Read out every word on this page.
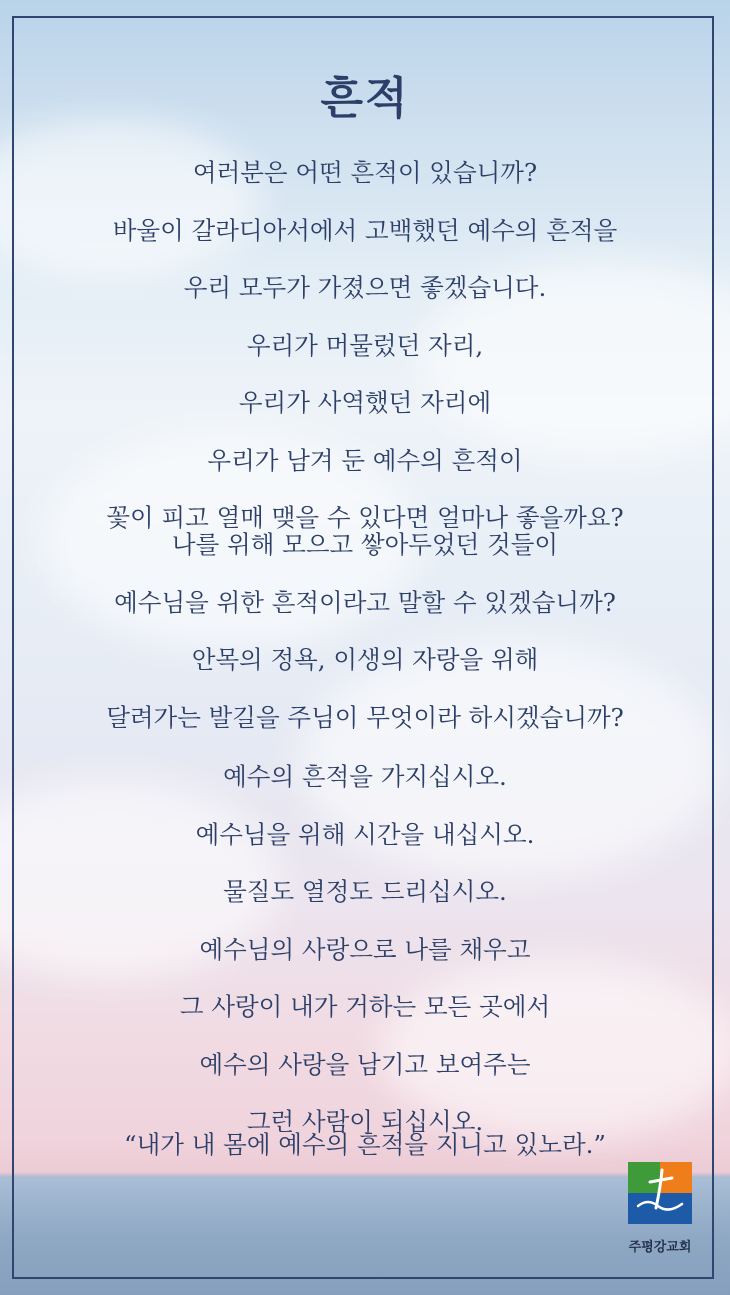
흔적
여러분은 어떤 흔적이 있습니까?
바울이 갈라디아서에서 고백했던 예수의 흔적을
우리 모두가 가졌으면 좋겠습니다.
우리가 머물렀던 자리,
우리가 사역했던 자리에
우리가 남겨 둔 예수의 흔적이
꽃이 피고 열매 맺을 수 있다면 얼마나 좋을까요?
나를 위해 모으고 쌓아두었던 것들이
예수님을 위한 흔적이라고 말할 수 있겠습니까?
안목의 정욕, 이생의 자랑을 위해
달려가는 발길을 주님이 무엇이라 하시겠습니까?
예수의 흔적을 가지십시오.
예수님을 위해 시간을 내십시오.
물질도 열정도 드리십시오.
예수님의 사랑으로 나를 채우고
그 사랑이 내가 거하는 모든 곳에서
예수의 사랑을 남기고 보여주는
그런 사람이 되십시오.
“내가 내 몸에 예수의 흔적을 지니고 있노라.”
주평강교회
